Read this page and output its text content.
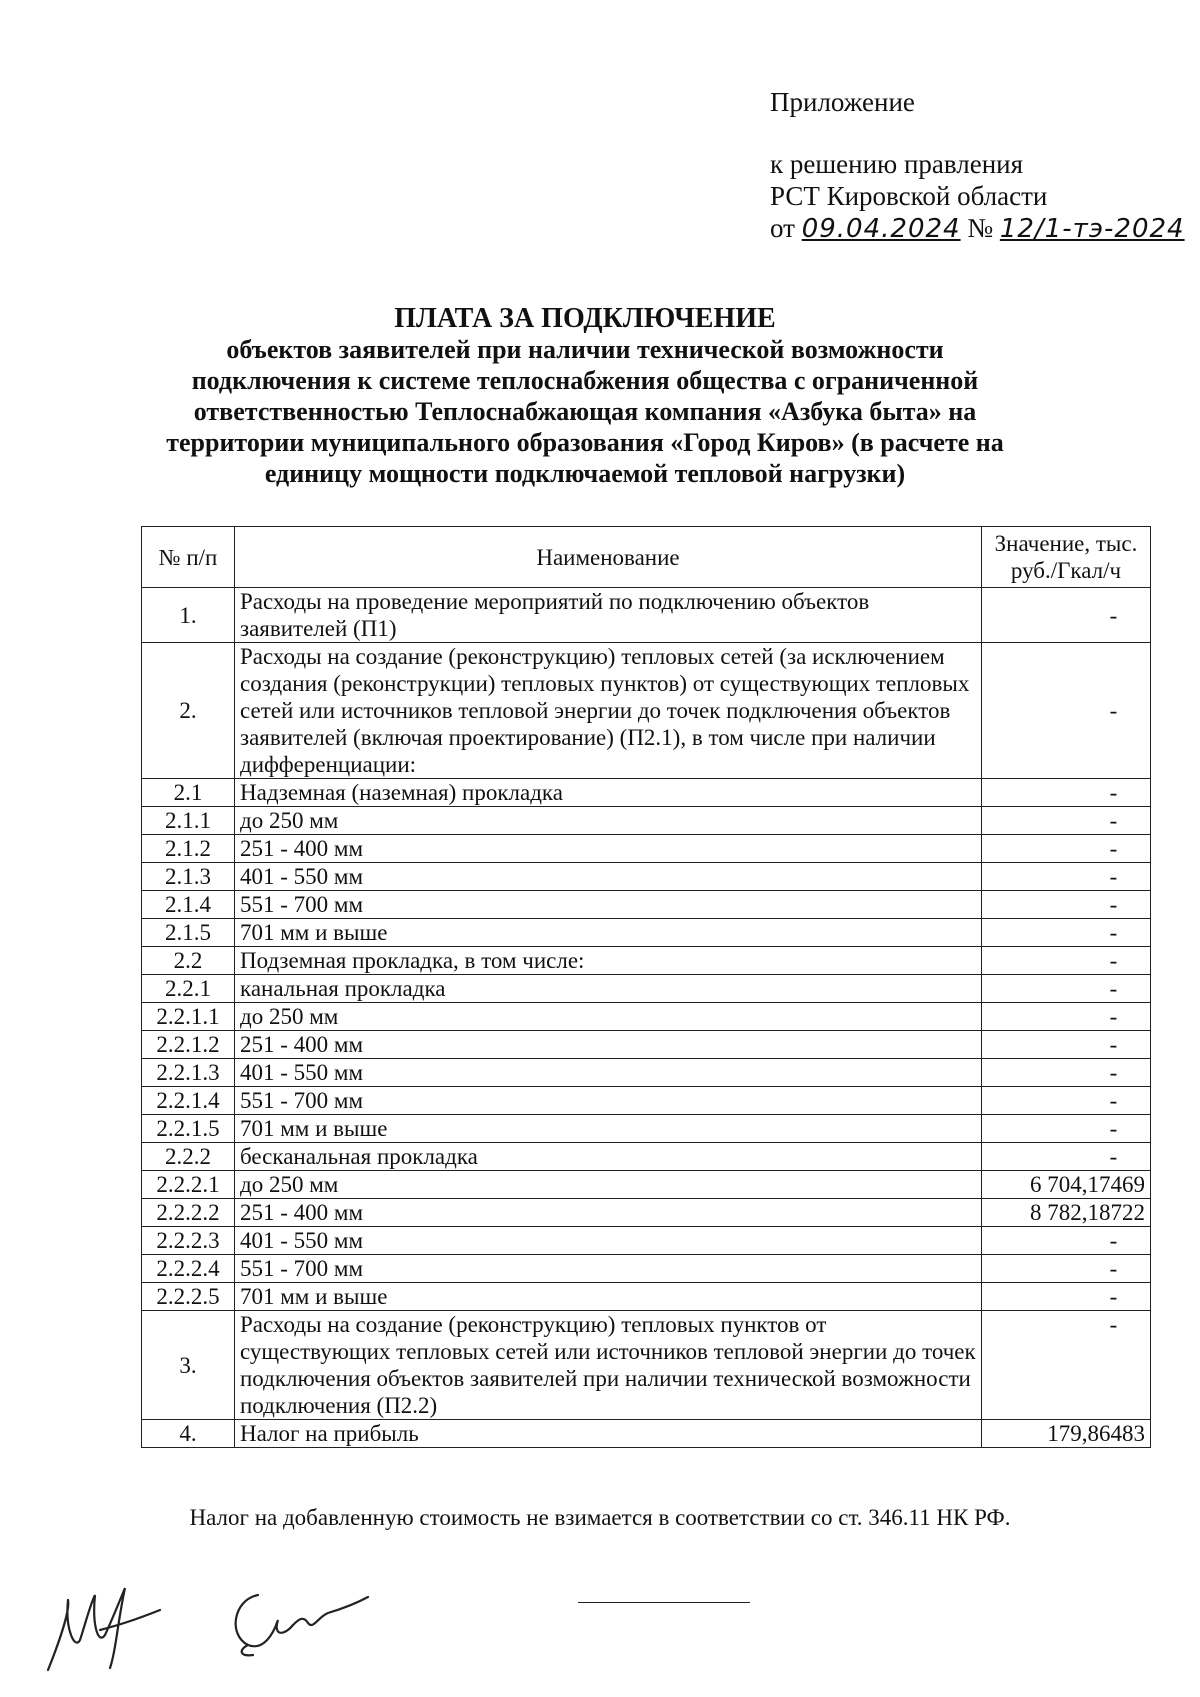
Приложение
к решению правления
РСТ Кировской области
от 09.04.2024 № 12/1-тэ-2024
ПЛАТА ЗА ПОДКЛЮЧЕНИЕ
объектов заявителей при наличии технической возможности подключения к системе теплоснабжения общества с ограниченной ответственностью Теплоснабжающая компания «Азбука быта» на территории муниципального образования «Город Киров» (в расчете на единицу мощности подключаемой тепловой нагрузки)
№ п/п	Наименование	Значение, тыс. руб./Гкал/ч
1.	Расходы на проведение мероприятий по подключению объектов заявителей (П1)	-
2.	Расходы на создание (реконструкцию) тепловых сетей (за исключением создания (реконструкции) тепловых пунктов) от существующих тепловых сетей или источников тепловой энергии до точек подключения объектов заявителей (включая проектирование) (П2.1), в том числе при наличии дифференциации:	-
2.1	Надземная (наземная) прокладка	-
2.1.1	до 250 мм	-
2.1.2	251 - 400 мм	-
2.1.3	401 - 550 мм	-
2.1.4	551 - 700 мм	-
2.1.5	701 мм и выше	-
2.2	Подземная прокладка, в том числе:	-
2.2.1	канальная прокладка	-
2.2.1.1	до 250 мм	-
2.2.1.2	251 - 400 мм	-
2.2.1.3	401 - 550 мм	-
2.2.1.4	551 - 700 мм	-
2.2.1.5	701 мм и выше	-
2.2.2	бесканальная прокладка	-
2.2.2.1	до 250 мм	6 704,17469
2.2.2.2	251 - 400 мм	8 782,18722
2.2.2.3	401 - 550 мм	-
2.2.2.4	551 - 700 мм	-
2.2.2.5	701 мм и выше	-
3.	Расходы на создание (реконструкцию) тепловых пунктов от существующих тепловых сетей или источников тепловой энергии до точек подключения объектов заявителей при наличии технической возможности подключения (П2.2)	-
4.	Налог на прибыль	179,86483
Налог на добавленную стоимость не взимается в соответствии со ст. 346.11 НК РФ.
